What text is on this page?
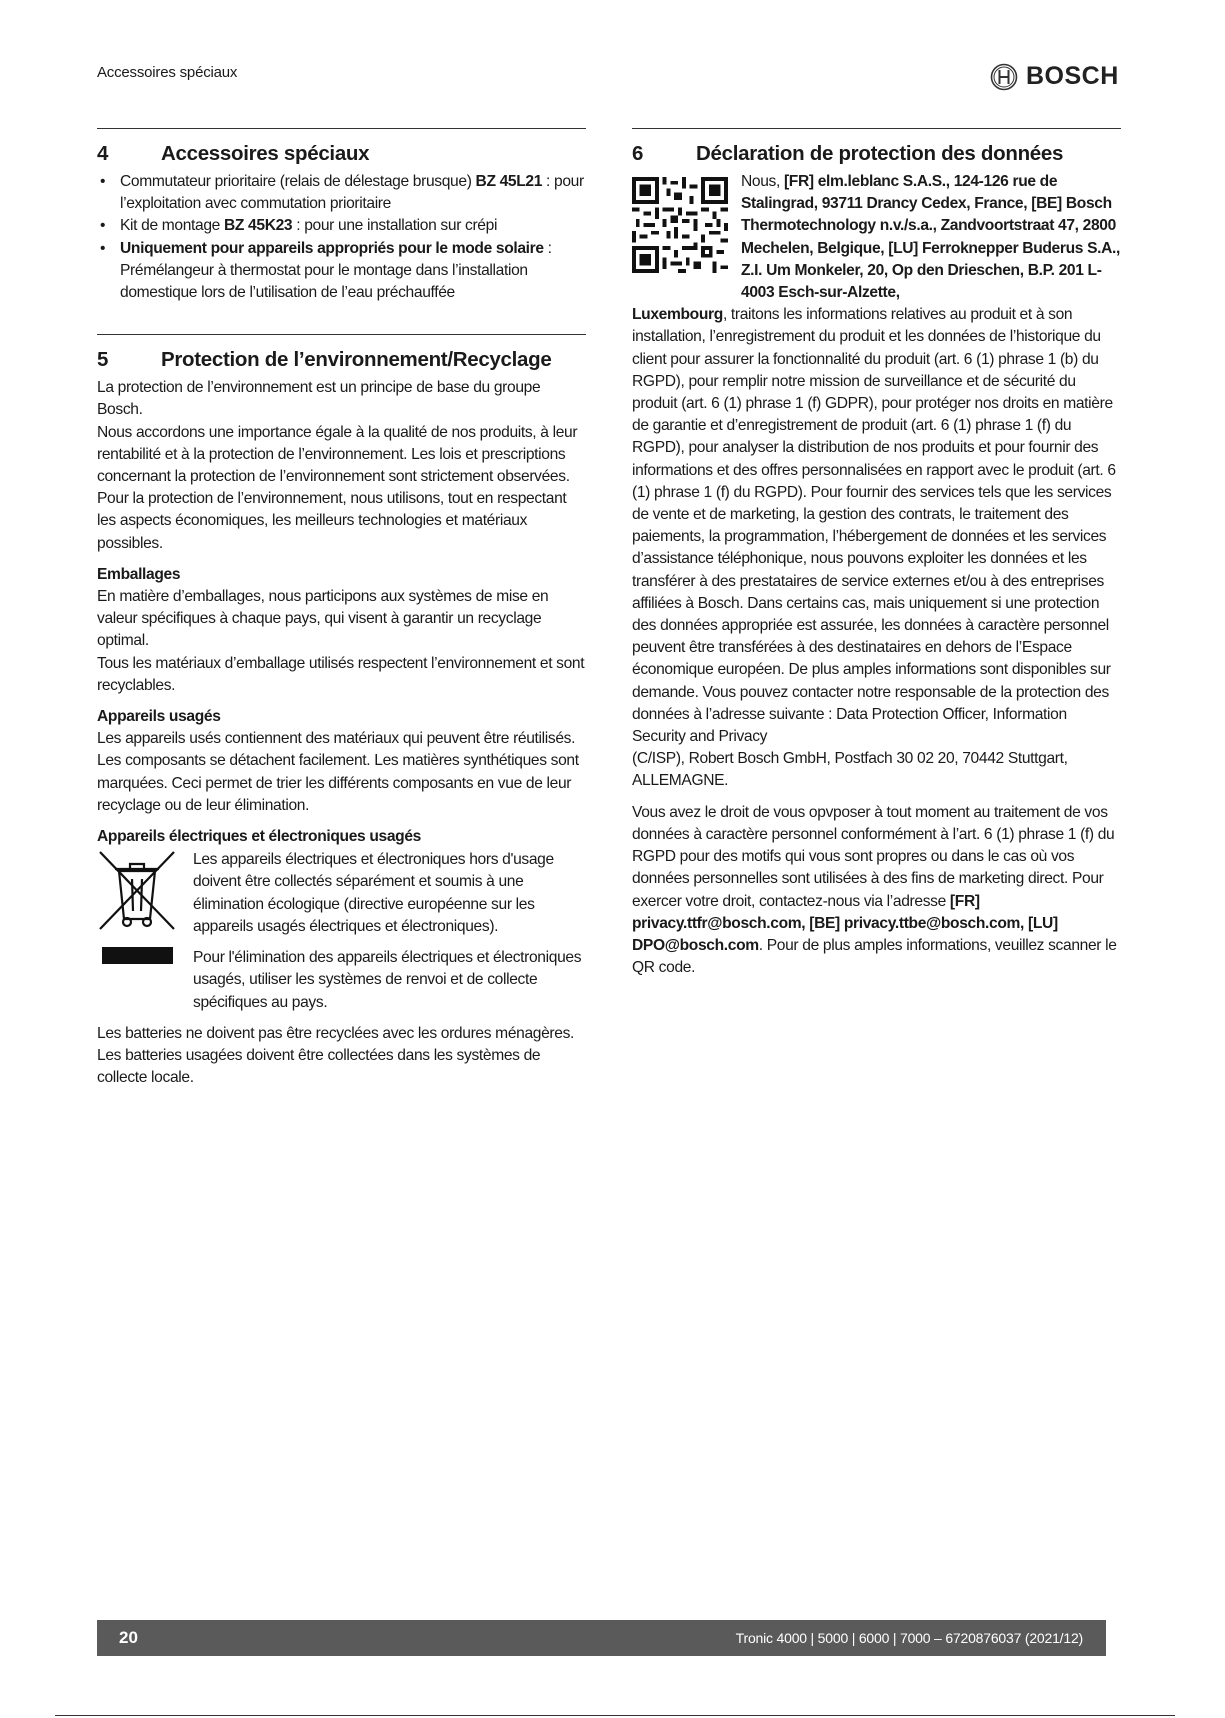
Accessoires spéciaux	BOSCH
4	Accessoires spéciaux
• Commutateur prioritaire (relais de délestage brusque) BZ 45L21 : pour l’exploitation avec commutation prioritaire
• Kit de montage BZ 45K23 : pour une installation sur crépi
• Uniquement pour appareils appropriés pour le mode solaire : Prémélangeur à thermostat pour le montage dans l’installation domestique lors de l’utilisation de l’eau préchauffée
5	Protection de l’environnement/Recyclage

La protection de l’environnement est un principe de base du groupe Bosch.

Nous accordons une importance égale à la qualité de nos produits, à leur rentabilité et à la protection de l’environnement. Les lois et prescriptions concernant la protection de l’environnement sont strictement observées.

Pour la protection de l’environnement, nous utilisons, tout en respectant les aspects économiques, les meilleurs technologies et matériaux possibles.

Emballages

En matière d’emballages, nous participons aux systèmes de mise en valeur spécifiques à chaque pays, qui visent à garantir un recyclage optimal.

Tous les matériaux d’emballage utilisés respectent l’environnement et sont recyclables.

Appareils usagés

Les appareils usés contiennent des matériaux qui peuvent être réutilisés.

Les composants se détachent facilement. Les matières synthétiques sont marquées. Ceci permet de trier les différents composants en vue de leur recyclage ou de leur élimination.

Appareils électriques et électroniques usagés

Les appareils électriques et électroniques hors d'usage doivent être collectés séparément et soumis à une élimination écologique (directive européenne sur les appareils usagés électriques et électroniques).

Pour l'élimination des appareils électriques et électroniques usagés, utiliser les systèmes de renvoi et de collecte spécifiques au pays.

Les batteries ne doivent pas être recyclées avec les ordures ménagères. Les batteries usagées doivent être collectées dans les systèmes de collecte locale.

6	Déclaration de protection des données
Nous, [FR] elm.leblanc S.A.S., 124-126 rue de Stalingrad, 93711 Drancy Cedex, France, [BE] Bosch Thermotechnology n.v./s.a., Zandvoortstraat 47, 2800 Mechelen, Belgique, [LU] Ferroknepper Buderus S.A., Z.I. Um Monkeler, 20, Op den Drieschen, B.P. 201 L-4003 Esch-sur-Alzette,

Luxembourg, traitons les informations relatives au produit et à son installation, l’enregistrement du produit et les données de l’historique du client pour assurer la fonctionnalité du produit (art. 6 (1) phrase 1 (b) du RGPD), pour remplir notre mission de surveillance et de sécurité du produit (art. 6 (1) phrase 1 (f) GDPR), pour protéger nos droits en matière de garantie et d’enregistrement de produit (art. 6 (1) phrase 1 (f) du RGPD), pour analyser la distribution de nos produits et pour fournir des informations et des offres personnalisées en rapport avec le produit (art. 6 (1) phrase 1 (f) du RGPD). Pour fournir des services tels que les services de vente et de marketing, la gestion des contrats, le traitement des paiements, la programmation, l’hébergement de données et les services d’assistance téléphonique, nous pouvons exploiter les données et les transférer à des prestataires de service externes et/ou à des entreprises affiliées à Bosch. Dans certains cas, mais uniquement si une protection des données appropriée est assurée, les données à caractère personnel peuvent être transférées à des destinataires en dehors de l’Espace économique européen. De plus amples informations sont disponibles sur demande. Vous pouvez contacter notre responsable de la protection des données à l’adresse suivante : Data Protection Officer, Information Security and Privacy

(C/ISP), Robert Bosch GmbH, Postfach 30 02 20, 70442 Stuttgart, ALLEMAGNE.

Vous avez le droit de vous opvposer à tout moment au traitement de vos données à caractère personnel conformément à l’art. 6 (1) phrase 1 (f) du RGPD pour des motifs qui vous sont propres ou dans le cas où vos données personnelles sont utilisées à des fins de marketing direct. Pour exercer votre droit, contactez-nous via l’adresse [FR] privacy.ttfr@bosch.com, [BE] privacy.ttbe@bosch.com, [LU] DPO@bosch.com. Pour de plus amples informations, veuillez scanner le QR code.

20	Tronic 4000 | 5000 | 6000 | 7000 – 6720876037 (2021/12)
